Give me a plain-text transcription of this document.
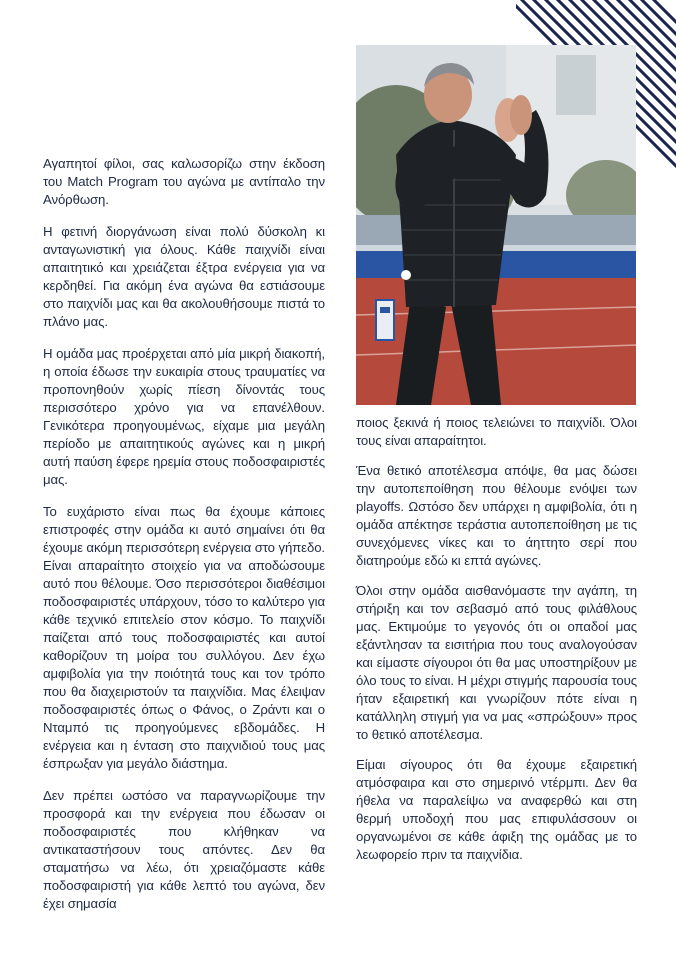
Αγαπητοί φίλοι, σας καλωσορίζω στην έκδοση του Match Program του αγώνα με αντίπαλο την Ανόρθωση.

Η φετινή διοργάνωση είναι πολύ δύσκολη κι ανταγωνιστική για όλους. Κάθε παιχνίδι είναι απαιτητικό και χρειάζεται έξτρα ενέργεια για να κερδηθεί. Για ακόμη ένα αγώνα θα εστιάσουμε στο παιχνίδι μας και θα ακολουθήσουμε πιστά το πλάνο μας.

Η ομάδα μας προέρχεται από μία μικρή διακοπή, η οποία έδωσε την ευκαιρία στους τραυματίες να προπονηθούν χωρίς πίεση δίνοντάς τους περισσότερο χρόνο για να επανέλθουν. Γενικότερα προηγουμένως, είχαμε μια μεγάλη περίοδο με απαιτητικούς αγώνες και η μικρή αυτή παύση έφερε ηρεμία στους ποδοσφαιριστές μας.

Το ευχάριστο είναι πως θα έχουμε κάποιες επιστροφές στην ομάδα κι αυτό σημαίνει ότι θα έχουμε ακόμη περισσότερη ενέργεια στο γήπεδο. Είναι απαραίτητο στοιχείο για να αποδώσουμε αυτό που θέλουμε. Όσο περισσότεροι διαθέσιμοι ποδοσφαιριστές υπάρχουν, τόσο το καλύτερο για κάθε τεχνικό επιτελείο στον κόσμο. Το παιχνίδι παίζεται από τους ποδοσφαιριστές και αυτοί καθορίζουν τη μοίρα του συλλόγου. Δεν έχω αμφιβολία για την ποιότητά τους και τον τρόπο που θα διαχειριστούν τα παιχνίδια. Μας έλειψαν ποδοσφαιριστές όπως ο Φάνος, ο Ζράντι και ο Νταμπό τις προηγούμενες εβδομάδες. Η ενέργεια και η ένταση στο παιχνιδιού τους μας έσπρωξαν για μεγάλο διάστημα.

Δεν πρέπει ωστόσο να παραγνωρίζουμε την προσφορά και την ενέργεια που έδωσαν οι ποδοσφαιριστές που κλήθηκαν να αντικαταστήσουν τους απόντες. Δεν θα σταματήσω να λέω, ότι χρειαζόμαστε κάθε ποδοσφαιριστή για κάθε λεπτό του αγώνα, δεν έχει σημασία

ποιος ξεκινά ή ποιος τελειώνει το παιχνίδι. Όλοι τους είναι απαραίτητοι.

Ένα θετικό αποτέλεσμα απόψε, θα μας δώσει την αυτοπεποίθηση που θέλουμε ενόψει των playoffs. Ωστόσο δεν υπάρχει η αμφιβολία, ότι η ομάδα απέκτησε τεράστια αυτοπεποίθηση με τις συνεχόμενες νίκες και το άηττητο σερί που διατηρούμε εδώ κι επτά αγώνες.

Όλοι στην ομάδα αισθανόμαστε την αγάπη, τη στήριξη και τον σεβασμό από τους φιλάθλους μας. Εκτιμούμε το γεγονός ότι οι οπαδοί μας εξάντλησαν τα εισιτήρια που τους αναλογούσαν και είμαστε σίγουροι ότι θα μας υποστηρίξουν με όλο τους το είναι. Η μέχρι στιγμής παρουσία τους ήταν εξαιρετική και γνωρίζουν πότε είναι η κατάλληλη στιγμή για να μας «σπρώξουν» προς το θετικό αποτέλεσμα.

Είμαι σίγουρος ότι θα έχουμε εξαιρετική ατμόσφαιρα και στο σημερινό ντέρμπι. Δεν θα ήθελα να παραλείψω να αναφερθώ και στη θερμή υποδοχή που μας επιφυλάσσουν οι οργανωμένοι σε κάθε άφιξη της ομάδας με το λεωφορείο πριν τα παιχνίδια.
